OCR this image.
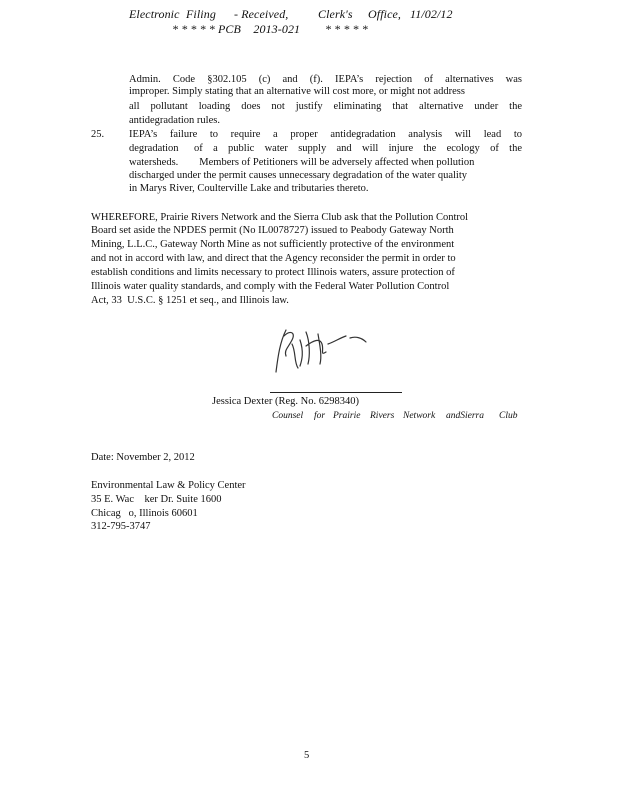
Electronic Filing - Received, Clerk's Office, 11/02/12
* * * * * PCB    2013-021        * * * * *
Admin.   Code   §302.105   (c)   and   (f).   IEPA’s   rejection   of   alternatives   was
improper. Simply stating that an alternative will cost more, or might not address
all  pollutant  loading  does  not  justify  eliminating  that  alternative  under  the
antidegradation rules.
25. IEPA’s  failure  to  require  a  proper  antidegradation  analysis  will  lead  to
degradation   of  a  public  water  supply  and  will  injure  the  ecology  of  the
watersheds.        Members of Petitioners will be adversely affected when pollution
discharged under the permit causes unnecessary degradation of the water quality
in Marys River, Coulterville Lake and tributaries thereto.
WHEREFORE, Prairie Rivers Network and the Sierra Club ask that the Pollution Control
Board set aside the NPDES permit (No IL0078727) issued to Peabody Gateway North
Mining, L.L.C., Gateway North Mine as not sufficiently protective of the environment
and not in accord with law, and direct that the Agency reconsider the permit in order to
establish conditions and limits necessary to protect Illinois waters, assure protection of
Illinois water quality standards, and comply with the Federal Water Pollution Control
Act, 33  U.S.C. § 1251 et seq., and Illinois law.
Jessica Dexter (Reg. No. 6298340)
Counsel for Prairie Rivers Network andSierra Club
Date: November 2, 2012
Environmental Law & Policy Center
35 E. Wac    ker Dr. Suite 1600
Chicag   o, Illinois 60601
312-795-3747
5
